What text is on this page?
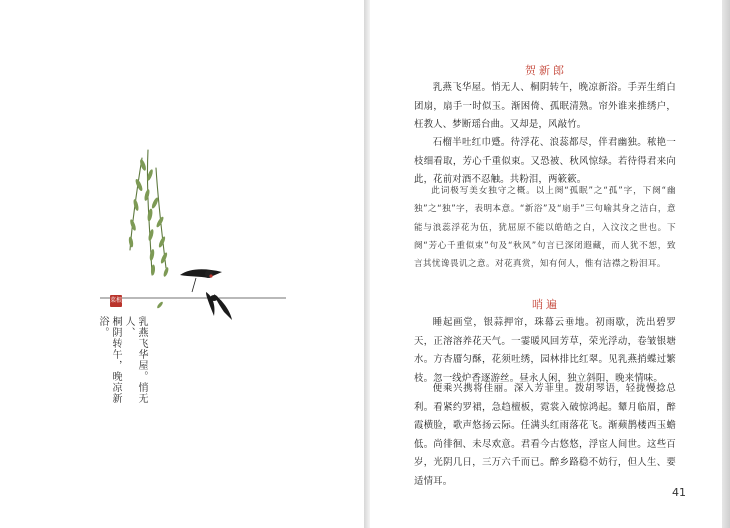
菜根
乳燕飞华屋。悄无人、
桐阴转午，晚凉新浴。
贺新郎

乳燕飞华屋。悄无人、桐阴转午，晚凉新浴。手弄生绡白团扇，扇手一时似玉。渐困倚、孤眠清熟。帘外谁来推绣户，枉教人、梦断瑶台曲。又却是，风敲竹。

石榴半吐红巾蹙。待浮花、浪蕊都尽，伴君幽独。秾艳一枝细看取，芳心千重似束。又恐被、秋风惊绿。若待得君来向此，花前对酒不忍触。共粉泪，两簌簌。

此词极写美女独守之概。以上阕“孤眠”之“孤”字，下阕“幽独”之“独”字，表明本意。“新浴”及“扇手”三句喻其身之洁白，意能与浪蕊浮花为伍，犹屈原不能以皓皓之白，入汶汶之世也。下阕“芳心千重似束”句及“秋风”句言已深闭遐藏，而人犹不恕，致言其忧谗畏讥之意。对花真赏，知有何人，惟有洁襟之粉泪耳。

哨遍

睡起画堂，银蒜押帘，珠幕云垂地。初雨歇，洗出碧罗天，正溶溶养花天气。一霎暖风回芳草，荣光浮动，卷皱银塘水。方杏靥匀酥，花须吐绣，园林排比红翠。见乳燕捎蝶过繁枝。忽一线炉香逐游丝。昼永人闲，独立斜阳，晚来情味。

便乘兴携将佳丽。深入芳菲里。拨胡琴语，轻拢慢捻总利。看紧约罗裙，急趋檀板，霓裳入破惊鸿起。颦月临眉，醉霞横脸，歌声悠扬云际。任满头红雨落花飞。渐𬞟鹊楼西玉蟾低。尚徘徊、未尽欢意。君看今古悠悠，浮宦人间世。这些百岁，光阴几日，三万六千而已。醉乡路稳不妨行，但人生、要适情耳。

41
